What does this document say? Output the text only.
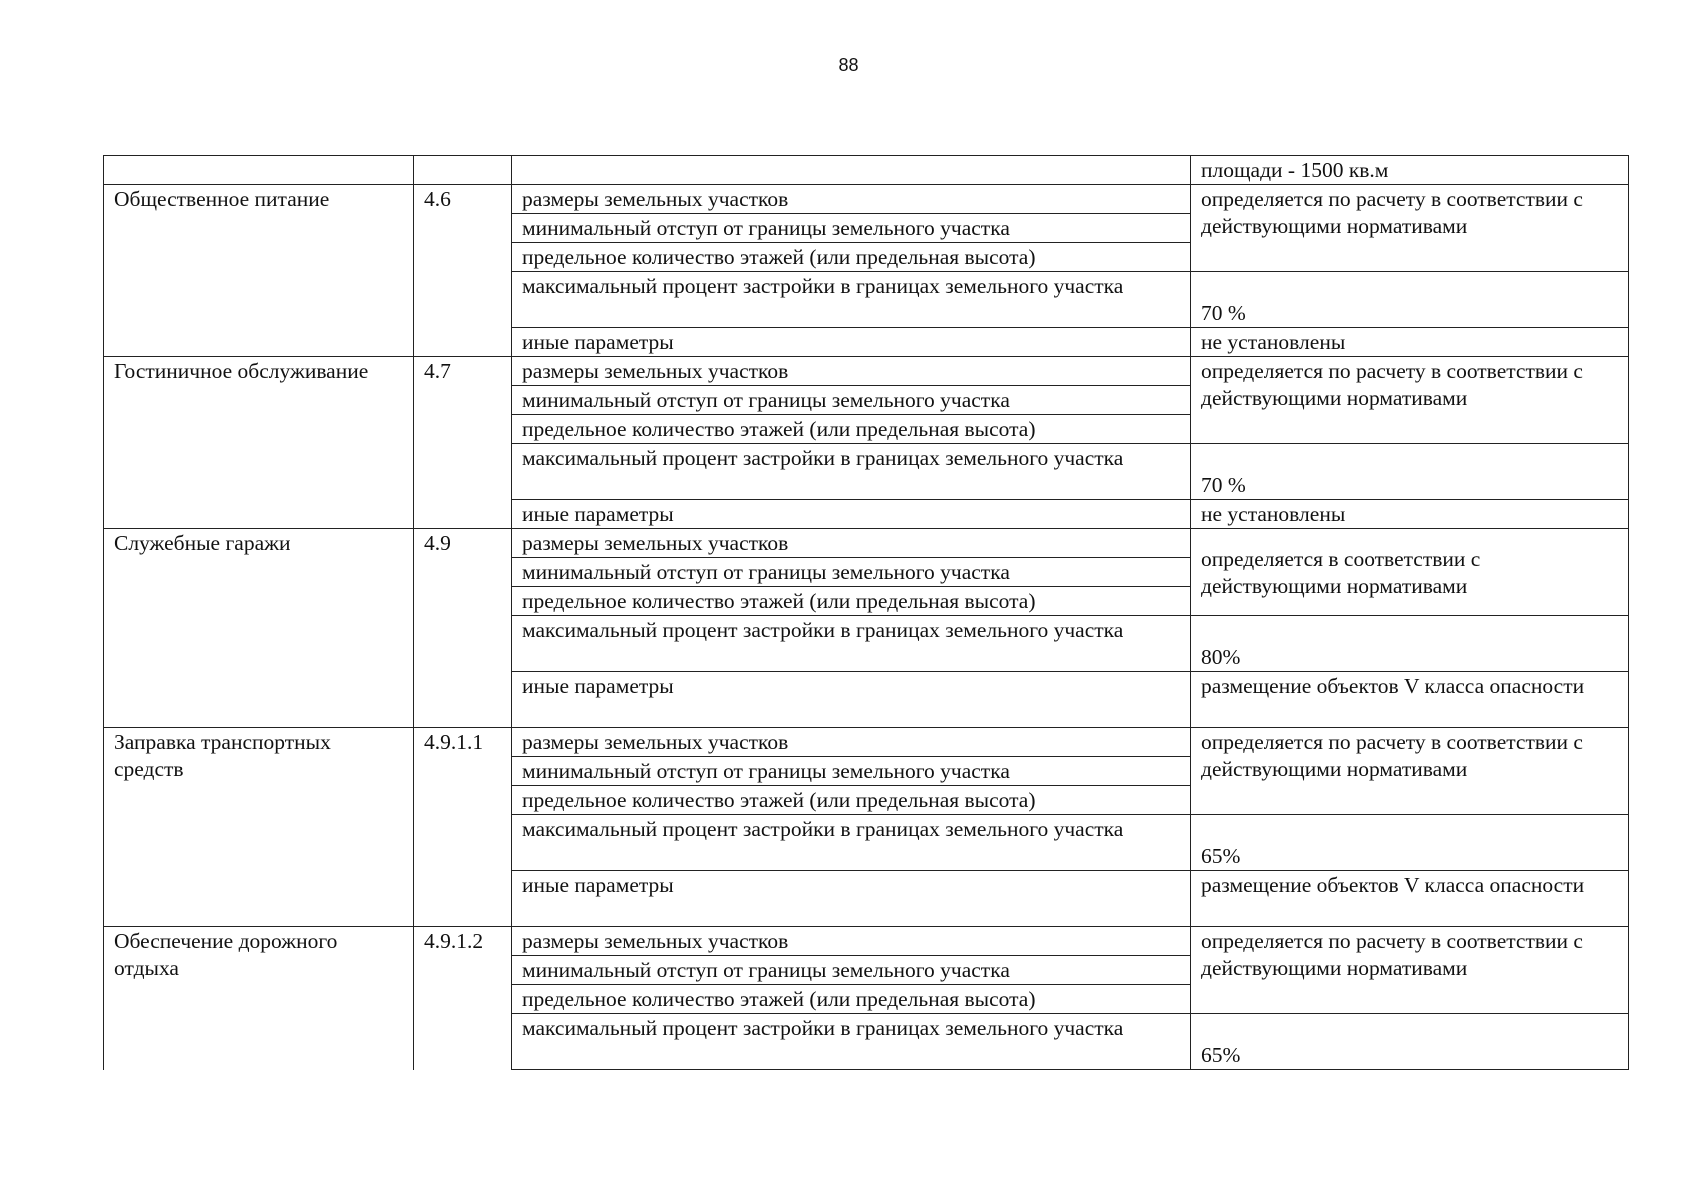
88
			площади - 1500 кв.м
Общественное питание	4.6	размеры земельных участков	определяется по расчету в соответствии с действующими нормативами
		минимальный отступ от границы земельного участка	
		предельное количество этажей (или предельная высота)	
		максимальный процент застройки в границах земельного участка	70 %
		иные параметры	не установлены
Гостиничное обслуживание	4.7	размеры земельных участков	определяется по расчету в соответствии с действующими нормативами
		минимальный отступ от границы земельного участка	
		предельное количество этажей (или предельная высота)	
		максимальный процент застройки в границах земельного участка	70 %
		иные параметры	не установлены
Служебные гаражи	4.9	размеры земельных участков	определяется в соответствии с действующими нормативами
		минимальный отступ от границы земельного участка	
		предельное количество этажей (или предельная высота)	
		максимальный процент застройки в границах земельного участка	80%
		иные параметры	размещение объектов V класса опасности
Заправка транспортных средств	4.9.1.1	размеры земельных участков	определяется по расчету в соответствии с действующими нормативами
		минимальный отступ от границы земельного участка	
		предельное количество этажей (или предельная высота)	
		максимальный процент застройки в границах земельного участка	65%
		иные параметры	размещение объектов V класса опасности
Обеспечение дорожного отдыха	4.9.1.2	размеры земельных участков	определяется по расчету в соответствии с действующими нормативами
		минимальный отступ от границы земельного участка	
		предельное количество этажей (или предельная высота)	
		максимальный процент застройки в границах земельного участка	65%
